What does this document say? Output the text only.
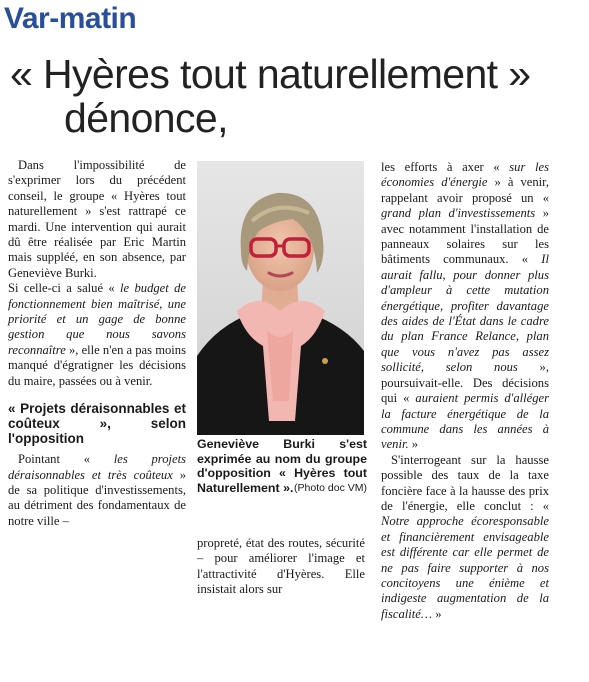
Var-matin
« Hyères tout naturellement »
dénonce,

Dans l'impossibilité de s'exprimer lors du précédent conseil, le groupe « Hyères tout naturellement » s'est rattrapé ce mardi. Une intervention qui aurait dû être réalisée par Eric Martin mais suppléé, en son absence, par Geneviève Burki.

Si celle-ci a salué « le budget de fonctionnement bien maîtrisé, une priorité et un gage de bonne gestion que nous savons reconnaître », elle n'en a pas moins manqué d'égratigner les décisions du maire, passées ou à venir.

« Projets déraisonnables et coûteux », selon l'opposition

Pointant « les projets déraisonnables et très coûteux » de sa politique d'investissements, au détriment des fondamentaux de notre ville –

Geneviève Burki s'est exprimée au nom du groupe d'opposition « Hyères tout Naturellement ». (Photo doc VM)

propreté, état des routes, sécurité – pour améliorer l'image et l'attractivité d'Hyères. Elle insistait alors sur

les efforts à axer « sur les économies d'énergie » à venir, rappelant avoir proposé un « grand plan d'investissements » avec notamment l'installation de panneaux solaires sur les bâtiments communaux. « Il aurait fallu, pour donner plus d'ampleur à cette mutation énergétique, profiter davantage des aides de l'État dans le cadre du plan France Relance, plan que vous n'avez pas assez sollicité, selon nous », poursuivait-elle. Des décisions qui « auraient permis d'alléger la facture énergétique de la commune dans les années à venir. »

S'interrogeant sur la hausse possible des taux de la taxe foncière face à la hausse des prix de l'énergie, elle conclut : « Notre approche écoresponsable et financièrement envisageable est différente car elle permet de ne pas faire supporter à nos concitoyens une énième et indigeste augmentation de la fiscalité… »
